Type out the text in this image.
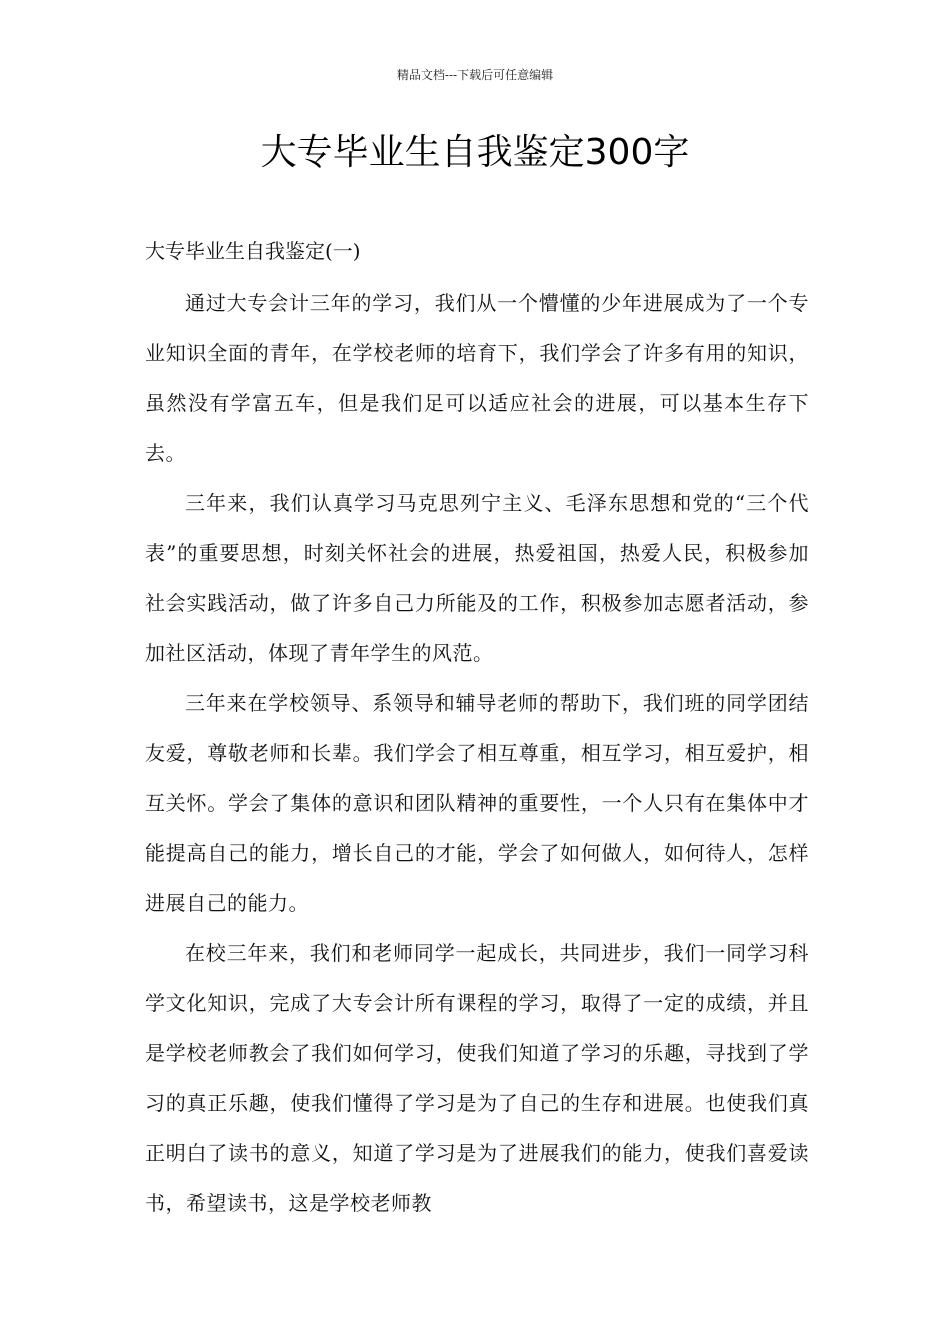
精品文档---下载后可任意编辑
大专毕业生自我鉴定300字
大专毕业生自我鉴定(一)

通过大专会计三年的学习，我们从一个懵懂的少年进展成为了一个专业知识全面的青年，在学校老师的培育下，我们学会了许多有用的知识，虽然没有学富五车，但是我们足可以适应社会的进展，可以基本生存下去。

三年来，我们认真学习马克思列宁主义、毛泽东思想和党的“三个代表”的重要思想，时刻关怀社会的进展，热爱祖国，热爱人民，积极参加社会实践活动，做了许多自己力所能及的工作，积极参加志愿者活动，参加社区活动，体现了青年学生的风范。

三年来在学校领导、系领导和辅导老师的帮助下，我们班的同学团结友爱，尊敬老师和长辈。我们学会了相互尊重，相互学习，相互爱护，相互关怀。学会了集体的意识和团队精神的重要性，一个人只有在集体中才能提高自己的能力，增长自己的才能，学会了如何做人，如何待人，怎样进展自己的能力。

在校三年来，我们和老师同学一起成长，共同进步，我们一同学习科学文化知识，完成了大专会计所有课程的学习，取得了一定的成绩，并且是学校老师教会了我们如何学习，使我们知道了学习的乐趣，寻找到了学习的真正乐趣，使我们懂得了学习是为了自己的生存和进展。也使我们真正明白了读书的意义，知道了学习是为了进展我们的能力，使我们喜爱读书，希望读书，这是学校老师教
